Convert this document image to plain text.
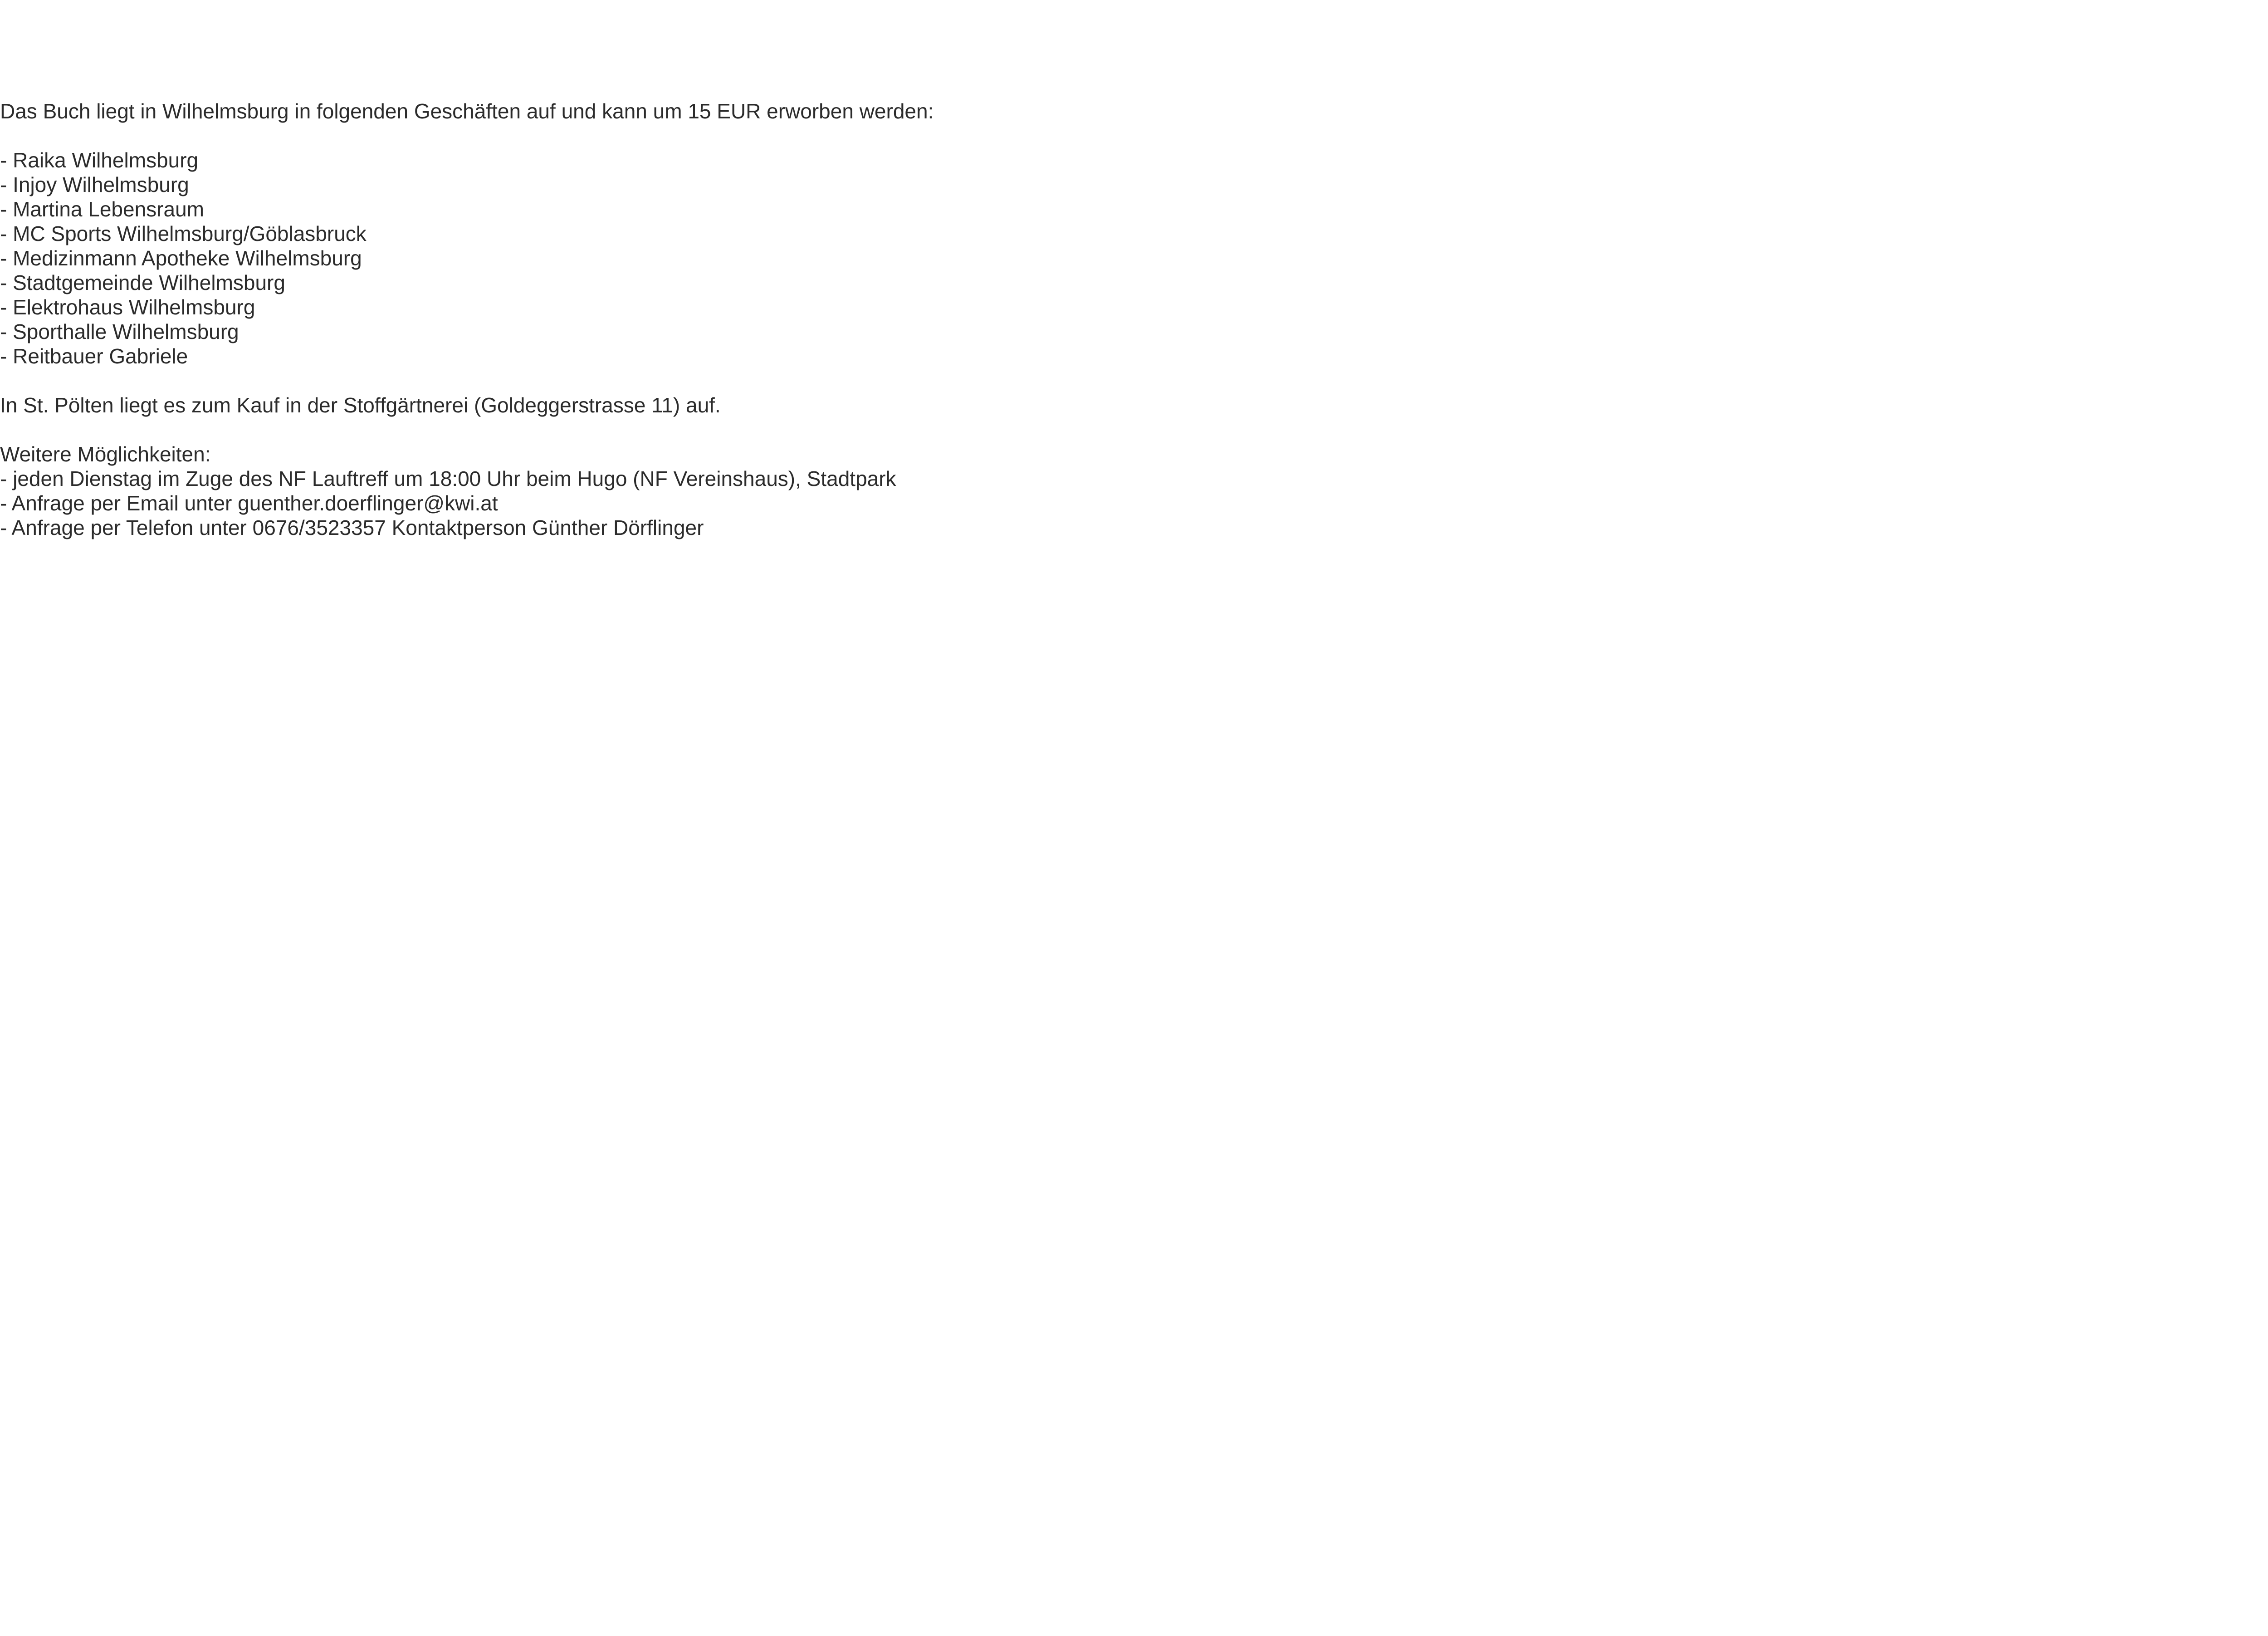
Das Buch liegt in Wilhelmsburg in folgenden Geschäften auf und kann um 15 EUR erworben werden:

- Raika Wilhelmsburg

- Injoy Wilhelmsburg

- Martina Lebensraum

- MC Sports Wilhelmsburg/Göblasbruck

- Medizinmann Apotheke Wilhelmsburg

- Stadtgemeinde Wilhelmsburg

- Elektrohaus Wilhelmsburg

- Sporthalle Wilhelmsburg

- Reitbauer Gabriele

In St. Pölten liegt es zum Kauf in der Stoffgärtnerei (Goldeggerstrasse 11) auf.

Weitere Möglichkeiten:

- jeden Dienstag im Zuge des NF Lauftreff um 18:00 Uhr beim Hugo (NF Vereinshaus), Stadtpark

- Anfrage per Email unter guenther.doerflinger@kwi.at

- Anfrage per Telefon unter 0676/3523357 Kontaktperson Günther Dörflinger
